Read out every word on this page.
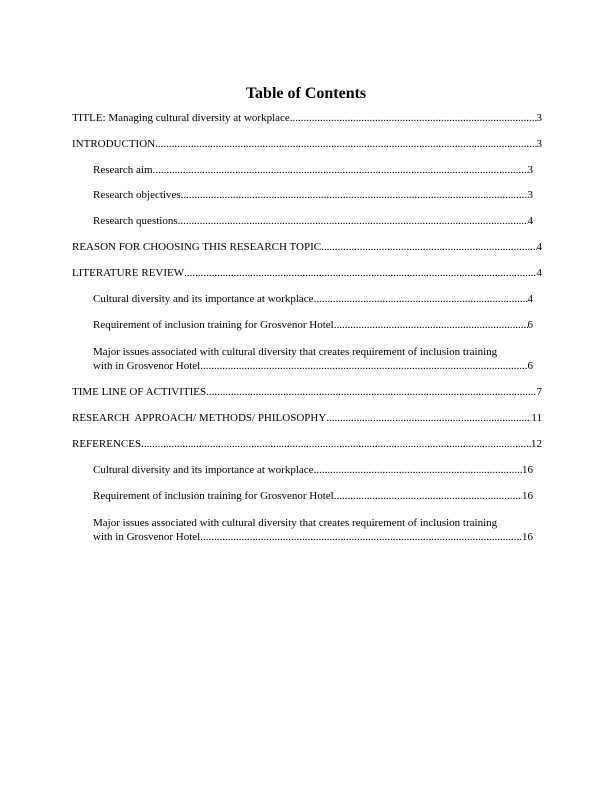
Table of Contents
TITLE: Managing cultural diversity at workplace .....	3
INTRODUCTION .....	3
Research aim .....	3
Research objectives .....	3
Research questions .....	4
REASON FOR CHOOSING THIS RESEARCH TOPIC .....	4
LITERATURE REVIEW .....	4
Cultural diversity and its importance at workplace .....	4
Requirement of inclusion training for Grosvenor Hotel .....	6
Major issues associated with cultural diversity that creates requirement of inclusion training
with in Grosvenor Hotel .....	6
TIME LINE OF ACTIVITIES .....	7
RESEARCH  APPROACH/ METHODS/ PHILOSOPHY .....	11
REFERENCES .....	12
Cultural diversity and its importance at workplace .....	16
Requirement of inclusion training for Grosvenor Hotel .....	16
Major issues associated with cultural diversity that creates requirement of inclusion training
with in Grosvenor Hotel .....	16
